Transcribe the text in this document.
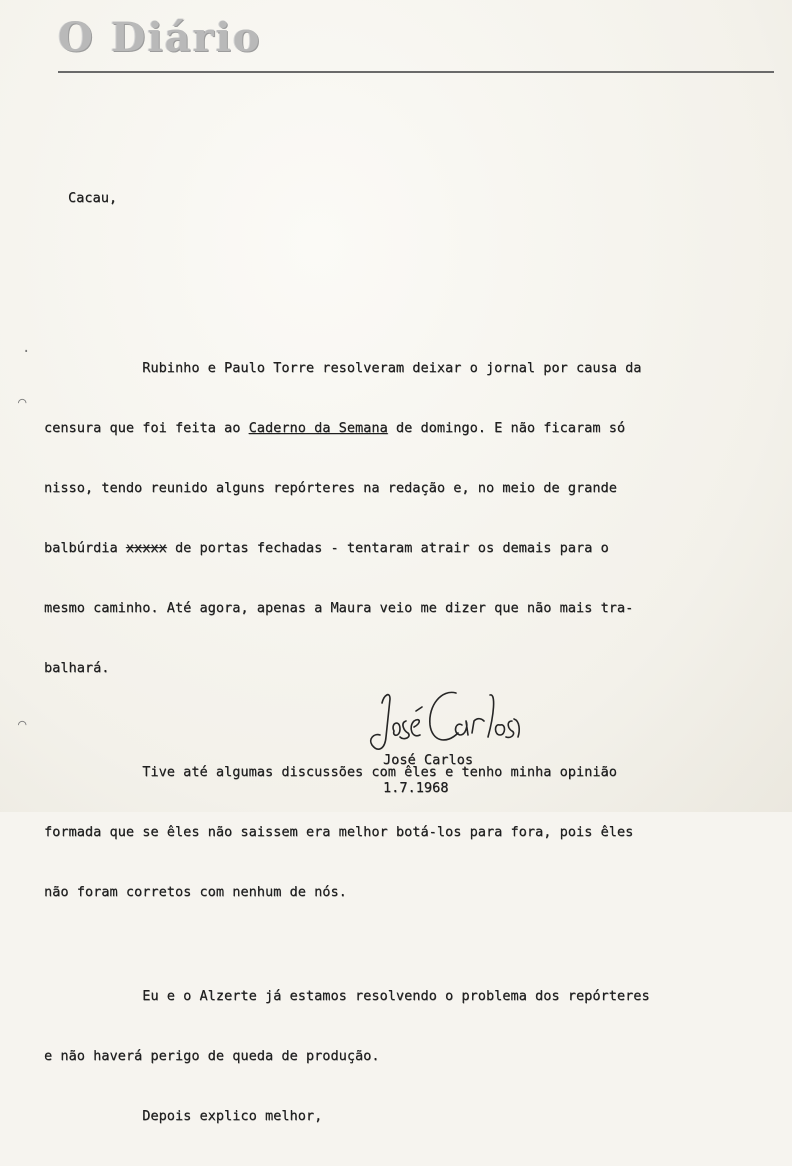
O Diário
Cacau,

Rubinho e Paulo Torre resolveram deixar o jornal por causa da

censura que foi feita ao Caderno da Semana de domingo. E não ficaram só

nisso, tendo reunido alguns repórteres na redação e, no meio de grande

balbúrdia xxxxx de portas fechadas - tentaram atrair os demais para o

mesmo caminho. Até agora, apenas a Maura veio me dizer que não mais tra-

balhará.

Tive até algumas discussões com êles e tenho minha opinião

formada que se êles não saissem era melhor botá-los para fora, pois êles

não foram corretos com nenhum de nós.

Eu e o Alzerte já estamos resolvendo o problema dos repórteres

e não haverá perigo de queda de produção.

Depois explico melhor,

José Carlos
1.7.1968
·
⌒
⌒
